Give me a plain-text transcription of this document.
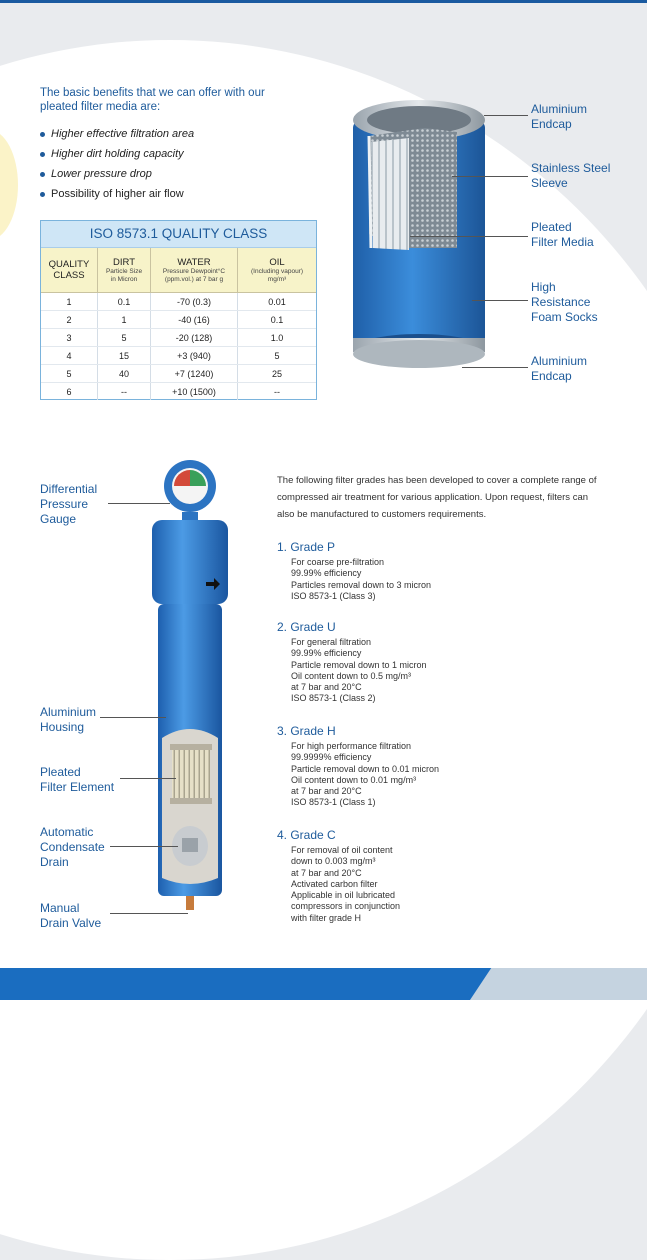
The basic benefits that we can offer with our
pleated filter media are:
Higher effective filtration area
Higher dirt holding capacity
Lower pressure drop
Possibility of higher air flow
ISO 8573.1 QUALITY CLASS
QUALITY
CLASS	DIRT
Particle Size
in Micron	WATER
Pressure Dewpoint°C
(ppm.vol.) at 7 bar g	OIL
(Including vapour)
mg/m³

1	0.1	-70 (0.3)	0.01
2	1	-40 (16)	0.1
3	5	-20 (128)	1.0
4	15	+3 (940)	5
5	40	+7 (1240)	25
6	--	+10 (1500)	--
Aluminium
Endcap
Stainless Steel
Sleeve
Pleated
Filter Media
High
Resistance
Foam Socks
Aluminium
Endcap
Differential
Pressure
Gauge
Aluminium
Housing
Pleated
Filter Element
Automatic
Condensate
Drain
Manual
Drain Valve
The following filter grades has been developed to cover a complete range of
compressed air treatment for various application. Upon request, filters can
also be manufactured to customers requirements.
1. Grade P
For coarse pre-filtration
99.99% efficiency
Particles removal down to 3 micron
ISO 8573-1 (Class 3)
2. Grade U
For general filtration
99.99% efficiency
Particle removal down to 1 micron
Oil content down to 0.5 mg/m³
at 7 bar and 20°C
ISO 8573-1 (Class 2)
3. Grade H
For high performance filtration
99.9999% efficiency
Particle removal down to 0.01 micron
Oil content down to 0.01 mg/m³
at 7 bar and 20°C
ISO 8573-1 (Class 1)
4. Grade C
For removal of oil content
down to 0.003 mg/m³
at 7 bar and 20°C
Activated carbon filter
Applicable in oil lubricated
compressors in conjunction
with filter grade H
